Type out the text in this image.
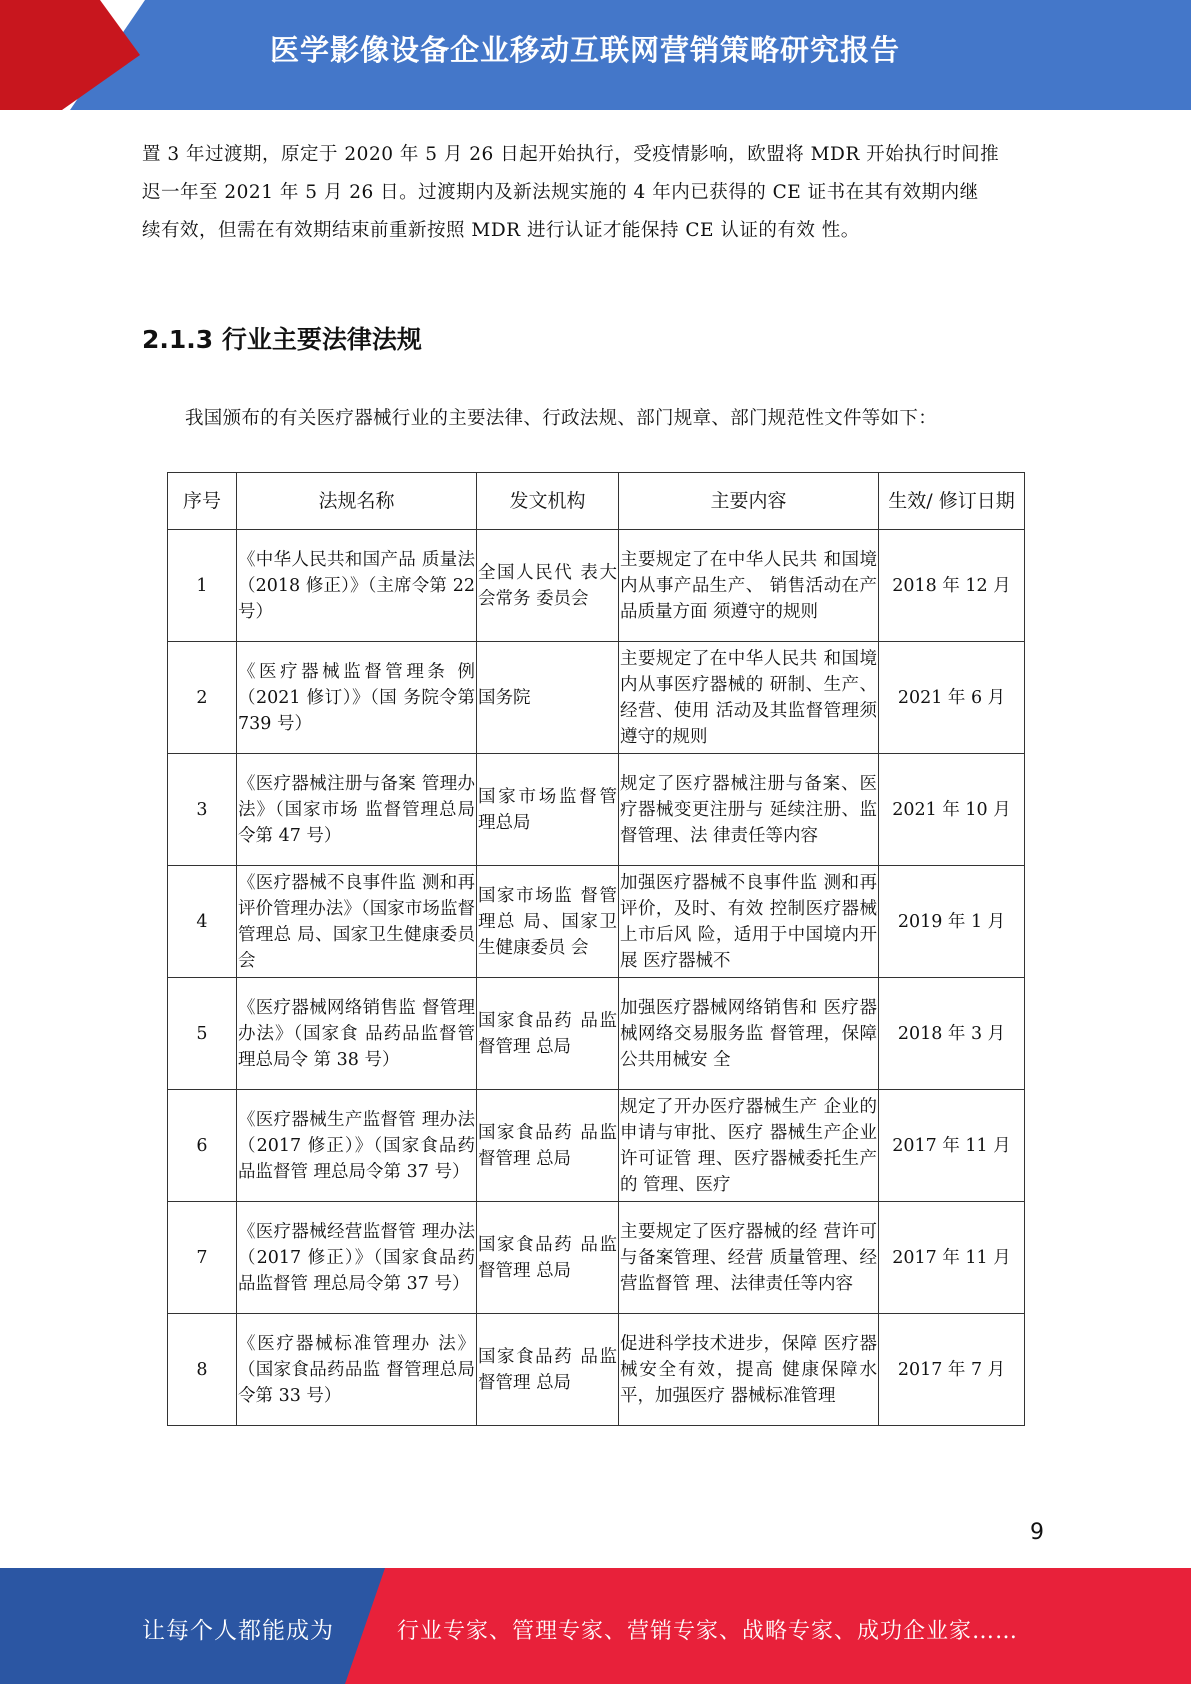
医学影像设备企业移动互联网营销策略研究报告

置 3 年过渡期，原定于 2020 年 5 月 26 日起开始执行，受疫情影响，欧盟将 MDR 开始执行时间推

迟一年至 2021 年 5 月 26 日。过渡期内及新法规实施的 4 年内已获得的 CE 证书在其有效期内继

续有效，但需在有效期结束前重新按照 MDR 进行认证才能保持 CE 认证的有效 性。

2.1.3 行业主要法律法规
我国颁布的有关医疗器械行业的主要法律、行政法规、部门规章、部门规范性文件等如下：
序号	法规名称	发文机构	主要内容	生效/ 修订日期
1	《中华人民共和国产品 质量法（2018 修正）》（主席令第 22 号）	全国人民代 表大会常务 委员会	主要规定了在中华人民共 和国境内从事产品生产、 销售活动在产品质量方面 须遵守的规则	2018 年 12 月
2	《医疗器械监督管理条 例（2021 修订）》（国 务院令第 739 号）	国务院	主要规定了在中华人民共 和国境内从事医疗器械的 研制、生产、经营、使用 活动及其监督管理须遵守的规则	2021 年 6 月
3	《医疗器械注册与备案 管理办法》（国家市场 监督管理总局令第 47 号）	国家市场监督管理总局	规定了医疗器械注册与备案、医疗器械变更注册与 延续注册、监督管理、法 律责任等内容	2021 年 10 月
4	《医疗器械不良事件监 测和再评价管理办法》（国家市场监督管理总 局、国家卫生健康委员 会	国家市场监 督管理总 局、国家卫 生健康委员 会	加强医疗器械不良事件监 测和再评价，及时、有效 控制医疗器械上市后风 险，适用于中国境内开展 医疗器械不	2019 年 1 月
5	《医疗器械网络销售监 督管理办法》（国家食 品药品监督管理总局令 第 38 号）	国家食品药 品监督管理 总局	加强医疗器械网络销售和 医疗器械网络交易服务监 督管理，保障公共用械安 全	2018 年 3 月
6	《医疗器械生产监督管 理办法（2017 修正）》（国家食品药品监督管 理总局令第 37 号）	国家食品药 品监督管理 总局	规定了开办医疗器械生产 企业的申请与审批、医疗 器械生产企业许可证管 理、医疗器械委托生产的 管理、医疗	2017 年 11 月
7	《医疗器械经营监督管 理办法（2017 修正）》（国家食品药品监督管 理总局令第 37 号）	国家食品药 品监督管理 总局	主要规定了医疗器械的经 营许可与备案管理、经营 质量管理、经营监督管 理、法律责任等内容	2017 年 11 月
8	《医疗器械标准管理办 法》（国家食品药品监 督管理总局令第 33 号）	国家食品药 品监督管理 总局	促进科学技术进步，保障 医疗器械安全有效，提高 健康保障水平，加强医疗 器械标准管理	2017 年 7 月
9
让每个人都能成为	行业专家、管理专家、营销专家、战略专家、成功企业家……
